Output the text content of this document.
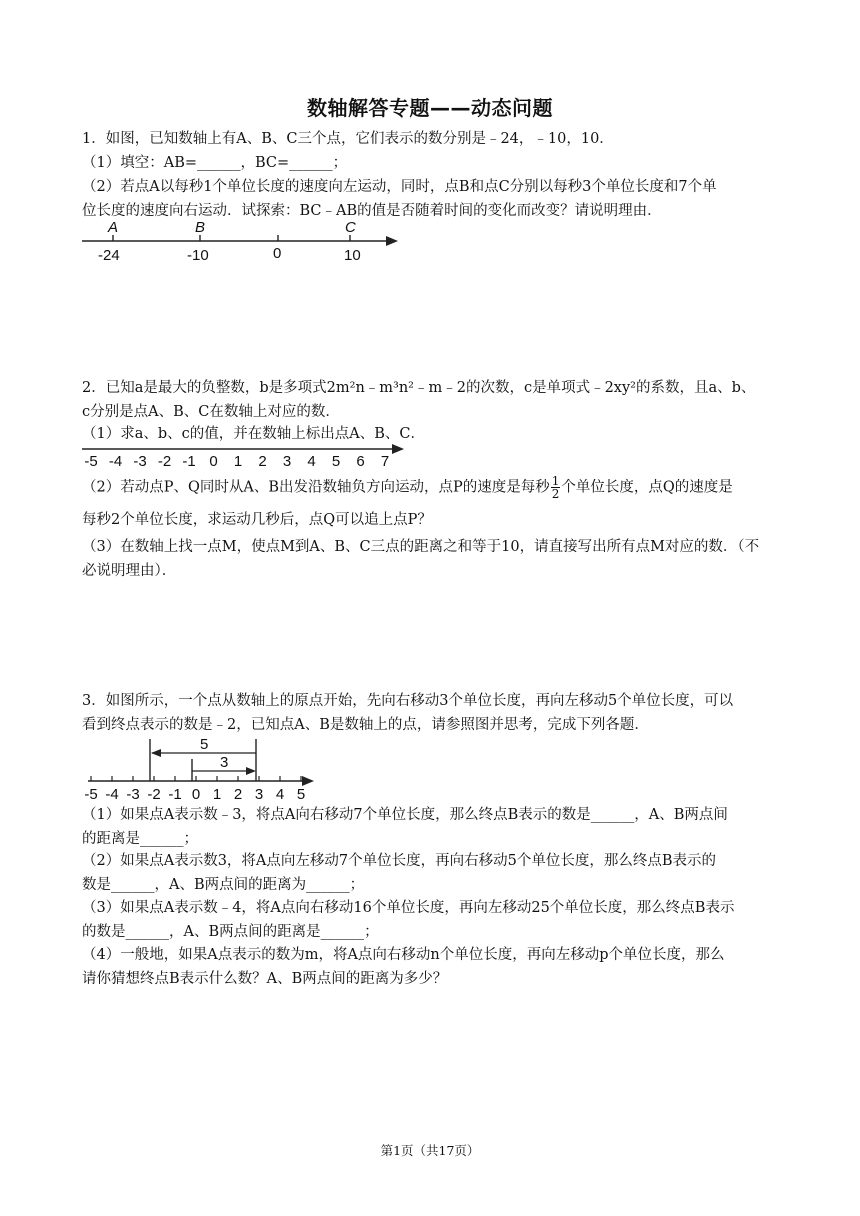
数轴解答专题——动态问题
1．如图，已知数轴上有A、B、C三个点，它们表示的数分别是﹣24，﹣10，10．
（1）填空：AB=______，BC=______；
（2）若点A以每秒1个单位长度的速度向左运动，同时，点B和点C分别以每秒3个单位长度和7个单
位长度的速度向右运动．试探索：BC﹣AB的值是否随着时间的变化而改变？请说明理由．
A	B	C
-24	-10	0	10
2．已知a是最大的负整数，b是多项式2m²n﹣m³n²﹣m﹣2的次数，c是单项式﹣2xy²的系数，且a、b、
c分别是点A、B、C在数轴上对应的数．
（1）求a、b、c的值，并在数轴上标出点A、B、C．
-5 -4 -3 -2 -1 0 1 2 3 4 5 6 7
（2）若动点P、Q同时从A、B出发沿数轴负方向运动，点P的速度是每秒 $\frac{1}{2}$ 个单位长度，点Q的速度是
每秒2个单位长度，求运动几秒后，点Q可以追上点P？
（3）在数轴上找一点M，使点M到A、B、C三点的距离之和等于10，请直接写出所有点M对应的数．（不
必说明理由）．
3．如图所示，一个点从数轴上的原点开始，先向右移动3个单位长度，再向左移动5个单位长度，可以
看到终点表示的数是﹣2，已知点A、B是数轴上的点，请参照图并思考，完成下列各题．
5
3
-5 -4 -3 -2 -1 0 1 2 3 4 5
（1）如果点A表示数﹣3，将点A向右移动7个单位长度，那么终点B表示的数是______，A、B两点间
的距离是______；
（2）如果点A表示数3，将A点向左移动7个单位长度，再向右移动5个单位长度，那么终点B表示的
数是______，A、B两点间的距离为______；
（3）如果点A表示数﹣4，将A点向右移动16个单位长度，再向左移动25个单位长度，那么终点B表示
的数是______，A、B两点间的距离是______；
（4）一般地，如果A点表示的数为m，将A点向右移动n个单位长度，再向左移动p个单位长度，那么
请你猜想终点B表示什么数？A、B两点间的距离为多少？
第1页（共17页）
